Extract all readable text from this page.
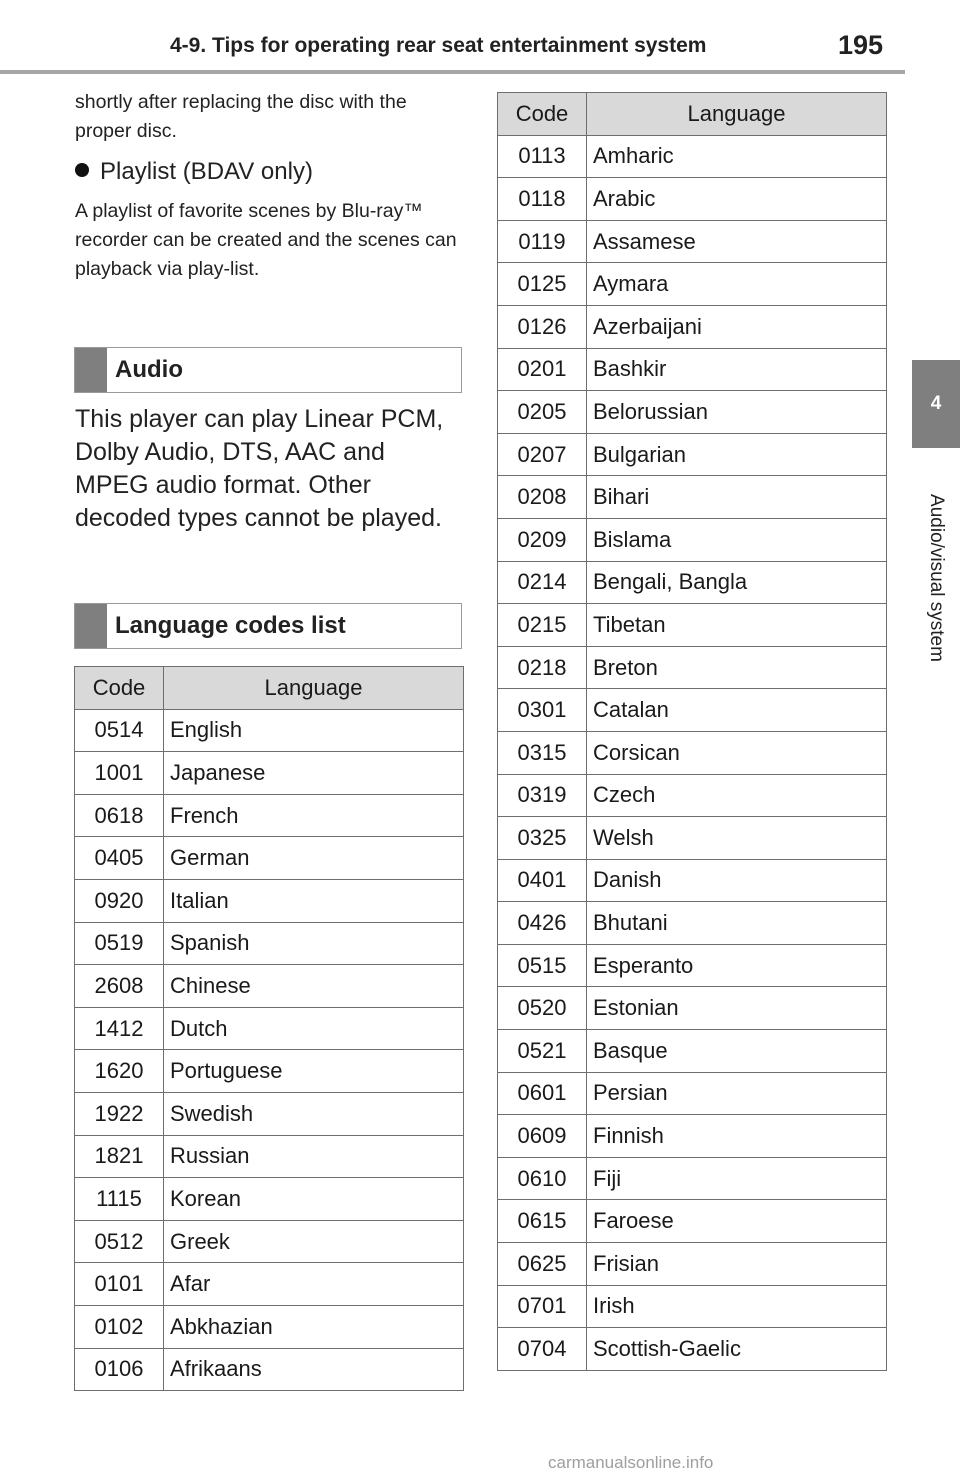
4-9. Tips for operating rear seat entertainment system	195
4
Audio/visual system

shortly after replacing the disc with the proper disc.

Playlist (BDAV only)

A playlist of favorite scenes by Blu-ray™ recorder can be created and the scenes can playback via play-list.

Audio

This player can play Linear PCM, Dolby Audio, DTS, AAC and MPEG audio format. Other decoded types cannot be played.

Language codes list
Code	Language
0514	English
1001	Japanese
0618	French
0405	German
0920	Italian
0519	Spanish
2608	Chinese
1412	Dutch
1620	Portuguese
1922	Swedish
1821	Russian
1115	Korean
0512	Greek
0101	Afar
0102	Abkhazian
0106	Afrikaans
Code	Language
0113	Amharic
0118	Arabic
0119	Assamese
0125	Aymara
0126	Azerbaijani
0201	Bashkir
0205	Belorussian
0207	Bulgarian
0208	Bihari
0209	Bislama
0214	Bengali, Bangla
0215	Tibetan
0218	Breton
0301	Catalan
0315	Corsican
0319	Czech
0325	Welsh
0401	Danish
0426	Bhutani
0515	Esperanto
0520	Estonian
0521	Basque
0601	Persian
0609	Finnish
0610	Fiji
0615	Faroese
0625	Frisian
0701	Irish
0704	Scottish-Gaelic
carmanualsonline.info
